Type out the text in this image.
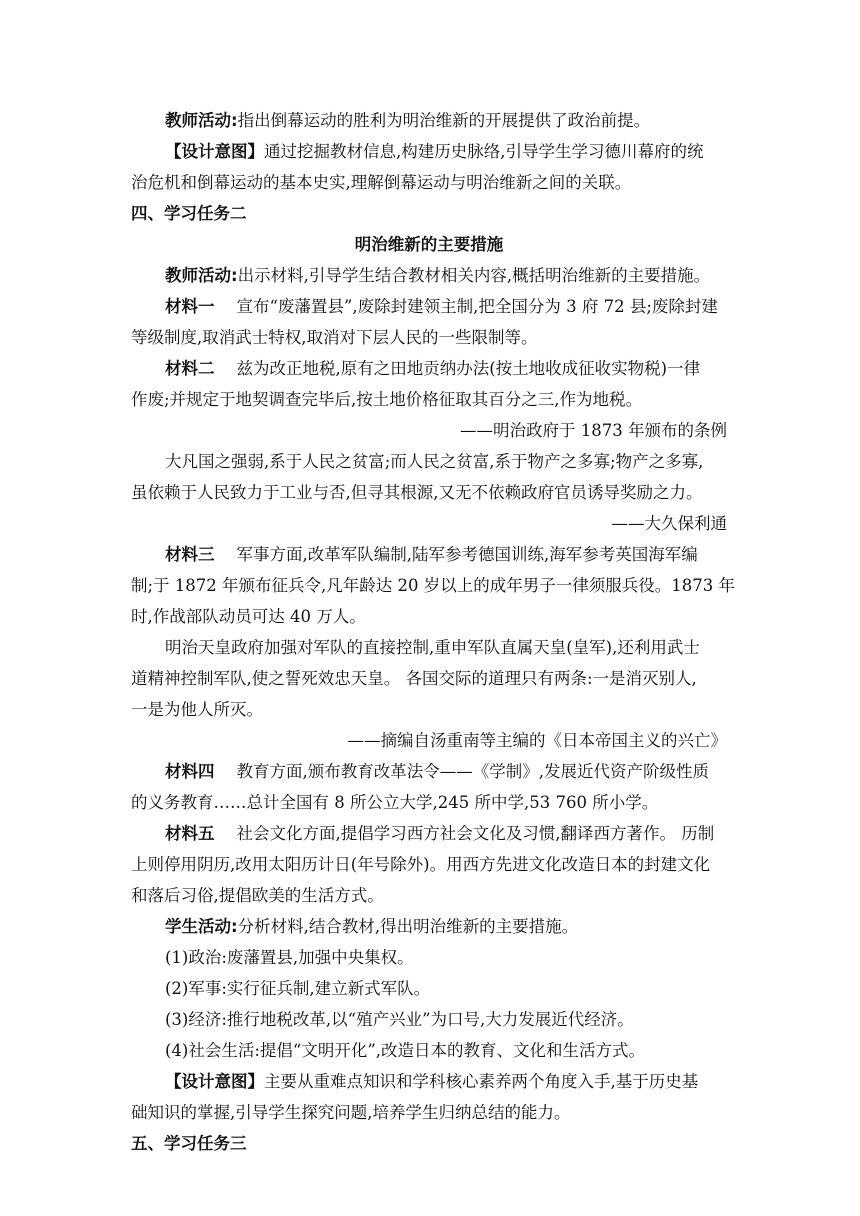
教师活动:指出倒幕运动的胜利为明治维新的开展提供了政治前提。
【设计意图】通过挖掘教材信息,构建历史脉络,引导学生学习德川幕府的统
治危机和倒幕运动的基本史实,理解倒幕运动与明治维新之间的关联。
四、学习任务二
明治维新的主要措施
教师活动:出示材料,引导学生结合教材相关内容,概括明治维新的主要措施。
材料一 宣布“废藩置县”,废除封建领主制,把全国分为 3 府 72 县;废除封建
等级制度,取消武士特权,取消对下层人民的一些限制等。
材料二 兹为改正地税,原有之田地贡纳办法(按土地收成征收实物税)一律
作废;并规定于地契调查完毕后,按土地价格征取其百分之三,作为地税。
——明治政府于 1873 年颁布的条例
大凡国之强弱,系于人民之贫富;而人民之贫富,系于物产之多寡;物产之多寡,
虽依赖于人民致力于工业与否,但寻其根源,又无不依赖政府官员诱导奖励之力。
——大久保利通
材料三 军事方面,改革军队编制,陆军参考德国训练,海军参考英国海军编
制;于 1872 年颁布征兵令,凡年龄达 20 岁以上的成年男子一律须服兵役。1873 年
时,作战部队动员可达 40 万人。
明治天皇政府加强对军队的直接控制,重申军队直属天皇(皇军),还利用武士
道精神控制军队,使之誓死效忠天皇。 各国交际的道理只有两条:一是消灭别人,
一是为他人所灭。
——摘编自汤重南等主编的《日本帝国主义的兴亡》
材料四 教育方面,颁布教育改革法令——《学制》,发展近代资产阶级性质
的义务教育……总计全国有 8 所公立大学,245 所中学,53 760 所小学。
材料五 社会文化方面,提倡学习西方社会文化及习惯,翻译西方著作。 历制
上则停用阴历,改用太阳历计日(年号除外)。用西方先进文化改造日本的封建文化
和落后习俗,提倡欧美的生活方式。
学生活动:分析材料,结合教材,得出明治维新的主要措施。
(1)政治:废藩置县,加强中央集权。
(2)军事:实行征兵制,建立新式军队。
(3)经济:推行地税改革,以“殖产兴业”为口号,大力发展近代经济。
(4)社会生活:提倡“文明开化”,改造日本的教育、文化和生活方式。
【设计意图】主要从重难点知识和学科核心素养两个角度入手,基于历史基
础知识的掌握,引导学生探究问题,培养学生归纳总结的能力。
五、学习任务三
